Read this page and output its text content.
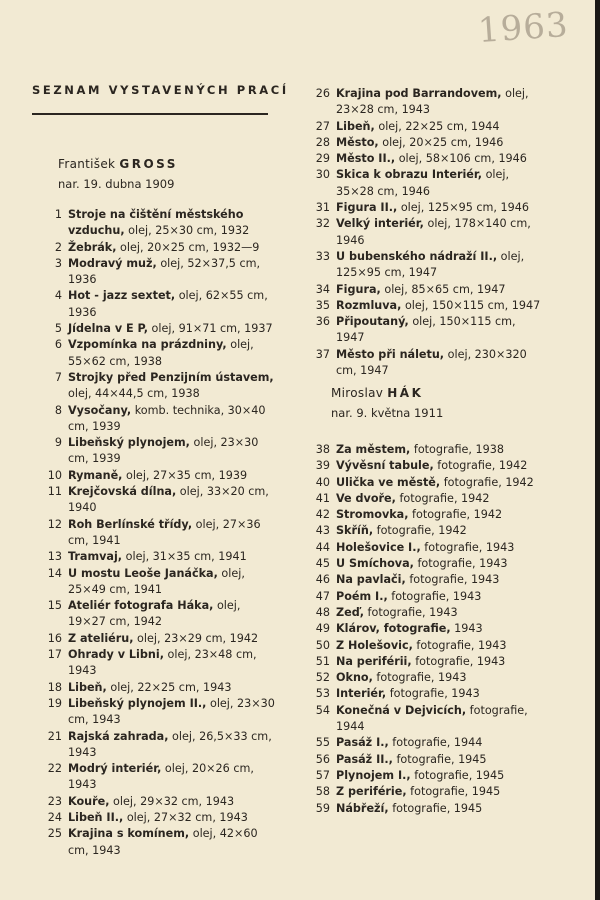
1963
SEZNAM VYSTAVENÝCH PRACÍ
František GROSS
nar. 19. dubna 1909
1 Stroje na čištění městského vzduchu, olej, 25×30 cm, 1932
2 Žebrák, olej, 20×25 cm, 1932—9
3 Modravý muž, olej, 52×37,5 cm, 1936
4 Hot - jazz sextet, olej, 62×55 cm, 1936
5 Jídelna v E P, olej, 91×71 cm, 1937
6 Vzpomínka na prázdniny, olej, 55×62 cm, 1938
7 Strojky před Penzijním ústavem, olej, 44×44,5 cm, 1938
8 Vysočany, komb. technika, 30×40 cm, 1939
9 Libeňský plynojem, olej, 23×30 cm, 1939
10 Rymaně, olej, 27×35 cm, 1939
11 Krejčovská dílna, olej, 33×20 cm, 1940
12 Roh Berlínské třídy, olej, 27×36 cm, 1941
13 Tramvaj, olej, 31×35 cm, 1941
14 U mostu Leoše Janáčka, olej, 25×49 cm, 1941
15 Ateliér fotografa Háka, olej, 19×27 cm, 1942
16 Z ateliéru, olej, 23×29 cm, 1942
17 Ohrady v Libni, olej, 23×48 cm, 1943
18 Libeň, olej, 22×25 cm, 1943
19 Libeňský plynojem II., olej, 23×30 cm, 1943
21 Rajská zahrada, olej, 26,5×33 cm, 1943
22 Modrý interiér, olej, 20×26 cm, 1943
23 Kouře, olej, 29×32 cm, 1943
24 Libeň II., olej, 27×32 cm, 1943
25 Krajina s komínem, olej, 42×60 cm, 1943
26 Krajina pod Barrandovem, olej, 23×28 cm, 1943
27 Libeň, olej, 22×25 cm, 1944
28 Město, olej, 20×25 cm, 1946
29 Město II., olej, 58×106 cm, 1946
30 Skica k obrazu Interiér, olej, 35×28 cm, 1946
31 Figura II., olej, 125×95 cm, 1946
32 Velký interiér, olej, 178×140 cm, 1946
33 U bubenského nádraží II., olej, 125×95 cm, 1947
34 Figura, olej, 85×65 cm, 1947
35 Rozmluva, olej, 150×115 cm, 1947
36 Připoutaný, olej, 150×115 cm, 1947
37 Město při náletu, olej, 230×320 cm, 1947
Miroslav HÁK
nar. 9. května 1911
38 Za městem, fotografie, 1938
39 Vývěsní tabule, fotografie, 1942
40 Ulička ve městě, fotografie, 1942
41 Ve dvoře, fotografie, 1942
42 Stromovka, fotografie, 1942
43 Skříň, fotografie, 1942
44 Holešovice I., fotografie, 1943
45 U Smíchova, fotografie, 1943
46 Na pavlači, fotografie, 1943
47 Poém I., fotografie, 1943
48 Zeď, fotografie, 1943
49 Klárov, fotografie, 1943
50 Z Holešovic, fotografie, 1943
51 Na periférii, fotografie, 1943
52 Okno, fotografie, 1943
53 Interiér, fotografie, 1943
54 Konečná v Dejvicích, fotografie, 1944
55 Pasáž I., fotografie, 1944
56 Pasáž II., fotografie, 1945
57 Plynojem I., fotografie, 1945
58 Z periférie, fotografie, 1945
59 Nábřeží, fotografie, 1945
